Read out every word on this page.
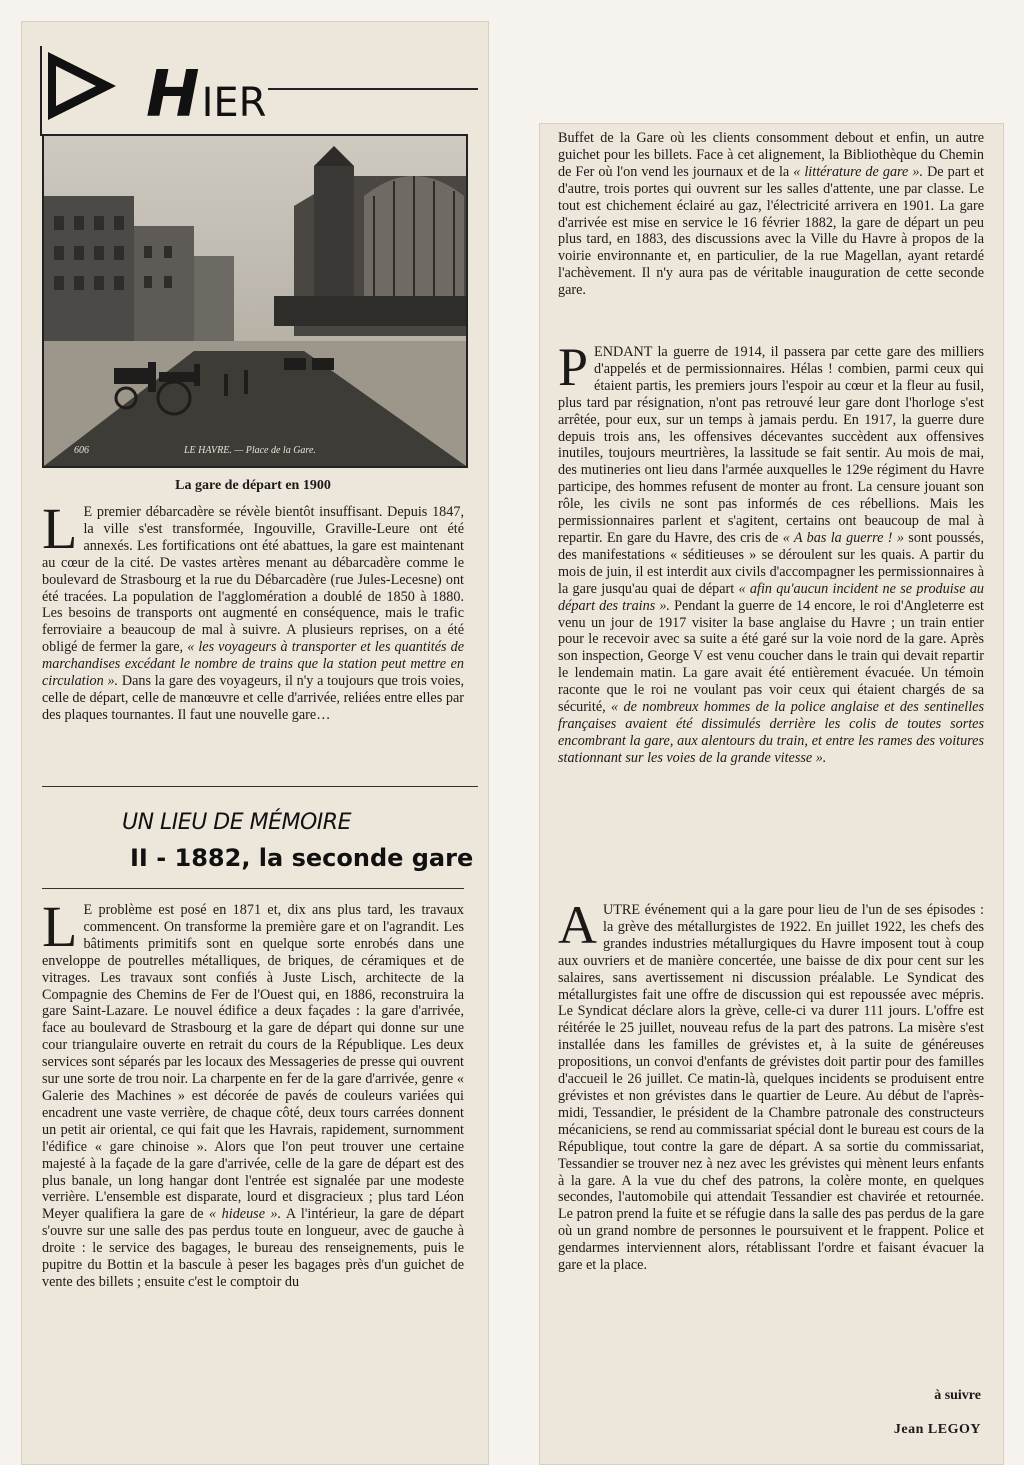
HIER
606	LE HAVRE. — Place de la Gare.
La gare de départ en 1900

L E premier débarcadère se révèle bientôt insuffisant. Depuis 1847, la ville s'est transformée, Ingouville, Graville-Leure ont été annexés. Les fortifications ont été abattues, la gare est maintenant au cœur de la cité. De vastes artères menant au débarcadère comme le boulevard de Strasbourg et la rue du Débarcadère (rue Jules-Lecesne) ont été tracées. La population de l'agglomération a doublé de 1850 à 1880. Les besoins de transports ont augmenté en conséquence, mais le trafic ferroviaire a beaucoup de mal à suivre. A plusieurs reprises, on a été obligé de fermer la gare, « les voyageurs à transporter et les quantités de marchandises excédant le nombre de trains que la station peut mettre en circulation ». Dans la gare des voyageurs, il n'y a toujours que trois voies, celle de départ, celle de manœuvre et celle d'arrivée, reliées entre elles par des plaques tournantes. Il faut une nouvelle gare…

UN LIEU DE MÉMOIRE
II - 1882, la seconde gare

L E problème est posé en 1871 et, dix ans plus tard, les travaux commencent. On transforme la première gare et on l'agrandit. Les bâtiments primitifs sont en quelque sorte enrobés dans une enveloppe de poutrelles métalliques, de briques, de céramiques et de vitrages. Les travaux sont confiés à Juste Lisch, architecte de la Compagnie des Chemins de Fer de l'Ouest qui, en 1886, reconstruira la gare Saint-Lazare. Le nouvel édifice a deux façades : la gare d'arrivée, face au boulevard de Strasbourg et la gare de départ qui donne sur une cour triangulaire ouverte en retrait du cours de la République. Les deux services sont séparés par les locaux des Messageries de presse qui ouvrent sur une sorte de trou noir. La charpente en fer de la gare d'arrivée, genre « Galerie des Machines » est décorée de pavés de couleurs variées qui encadrent une vaste verrière, de chaque côté, deux tours carrées donnent un petit air oriental, ce qui fait que les Havrais, rapidement, surnomment l'édifice « gare chinoise ». Alors que l'on peut trouver une certaine majesté à la façade de la gare d'arrivée, celle de la gare de départ est des plus banale, un long hangar dont l'entrée est signalée par une modeste verrière. L'ensemble est disparate, lourd et disgracieux ; plus tard Léon Meyer qualifiera la gare de « hideuse ». A l'intérieur, la gare de départ s'ouvre sur une salle des pas perdus toute en longueur, avec de gauche à droite : le service des bagages, le bureau des renseignements, puis le pupitre du Bottin et la bascule à peser les bagages près d'un guichet de vente des billets ; ensuite c'est le comptoir du

Buffet de la Gare où les clients consomment debout et enfin, un autre guichet pour les billets. Face à cet alignement, la Bibliothèque du Chemin de Fer où l'on vend les journaux et de la « littérature de gare ». De part et d'autre, trois portes qui ouvrent sur les salles d'attente, une par classe. Le tout est chichement éclairé au gaz, l'électricité arrivera en 1901. La gare d'arrivée est mise en service le 16 février 1882, la gare de départ un peu plus tard, en 1883, des discussions avec la Ville du Havre à propos de la voirie environnante et, en particulier, de la rue Magellan, ayant retardé l'achèvement. Il n'y aura pas de véritable inauguration de cette seconde gare.

PENDANT la guerre de 1914, il passera par cette gare des milliers d'appelés et de permissionnaires. Hélas ! combien, parmi ceux qui étaient partis, les premiers jours l'espoir au cœur et la fleur au fusil, plus tard par résignation, n'ont pas retrouvé leur gare dont l'horloge s'est arrêtée, pour eux, sur un temps à jamais perdu. En 1917, la guerre dure depuis trois ans, les offensives décevantes succèdent aux offensives inutiles, toujours meurtrières, la lassitude se fait sentir. Au mois de mai, des mutineries ont lieu dans l'armée auxquelles le 129e régiment du Havre participe, des hommes refusent de monter au front. La censure jouant son rôle, les civils ne sont pas informés de ces rébellions. Mais les permissionnaires parlent et s'agitent, certains ont beaucoup de mal à repartir. En gare du Havre, des cris de « A bas la guerre ! » sont poussés, des manifestations « séditieuses » se déroulent sur les quais. A partir du mois de juin, il est interdit aux civils d'accompagner les permissionnaires à la gare jusqu'au quai de départ « afin qu'aucun incident ne se produise au départ des trains ». Pendant la guerre de 14 encore, le roi d'Angleterre est venu un jour de 1917 visiter la base anglaise du Havre ; un train entier pour le recevoir avec sa suite a été garé sur la voie nord de la gare. Après son inspection, George V est venu coucher dans le train qui devait repartir le lendemain matin. La gare avait été entièrement évacuée. Un témoin raconte que le roi ne voulant pas voir ceux qui étaient chargés de sa sécurité, « de nombreux hommes de la police anglaise et des sentinelles françaises avaient été dissimulés derrière les colis de toutes sortes encombrant la gare, aux alentours du train, et entre les rames des voitures stationnant sur les voies de la grande vitesse ».

AUTRE événement qui a la gare pour lieu de l'un de ses épisodes : la grève des métallurgistes de 1922. En juillet 1922, les chefs des grandes industries métallurgiques du Havre imposent tout à coup aux ouvriers et de manière concertée, une baisse de dix pour cent sur les salaires, sans avertissement ni discussion préalable. Le Syndicat des métallurgistes fait une offre de discussion qui est repoussée avec mépris. Le Syndicat déclare alors la grève, celle-ci va durer 111 jours. L'offre est réitérée le 25 juillet, nouveau refus de la part des patrons. La misère s'est installée dans les familles de grévistes et, à la suite de généreuses propositions, un convoi d'enfants de grévistes doit partir pour des familles d'accueil le 26 juillet. Ce matin-là, quelques incidents se produisent entre grévistes et non grévistes dans le quartier de Leure. Au début de l'après-midi, Tessandier, le président de la Chambre patronale des constructeurs mécaniciens, se rend au commissariat spécial dont le bureau est cours de la République, tout contre la gare de départ. A sa sortie du commissariat, Tessandier se trouver nez à nez avec les grévistes qui mènent leurs enfants à la gare. A la vue du chef des patrons, la colère monte, en quelques secondes, l'automobile qui attendait Tessandier est chavirée et retournée. Le patron prend la fuite et se réfugie dans la salle des pas perdus de la gare où un grand nombre de personnes le poursuivent et le frappent. Police et gendarmes interviennent alors, rétablissant l'ordre et faisant évacuer la gare et la place.

à suivre
Jean LEGOY
